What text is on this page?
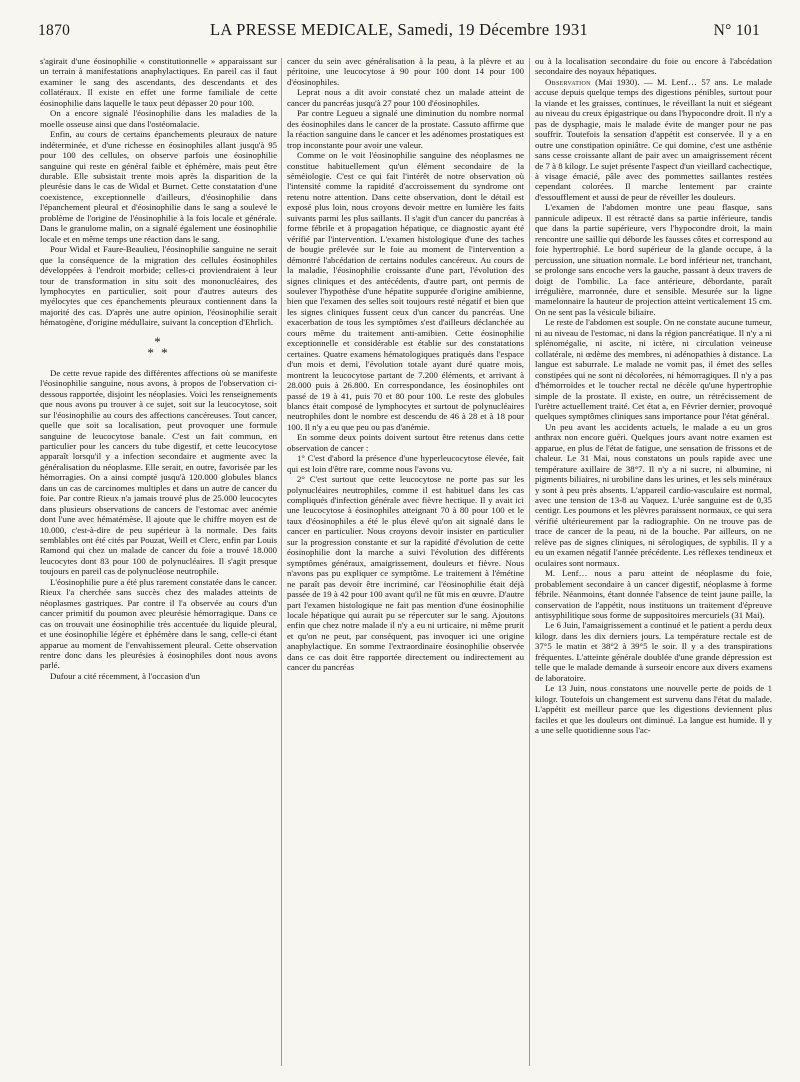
1870	LA PRESSE MEDICALE, Samedi, 19 Décembre 1931	N° 101

s'agirait d'une éosinophilie « constitutionnelle » apparaissant sur un terrain à manifestations anaphylactiques. En pareil cas il faut examiner le sang des ascendants, des descendants et des collatéraux. Il existe en effet une forme familiale de cette éosinophilie dans laquelle le taux peut dépasser 20 pour 100.

On a encore signalé l'éosinophilie dans les maladies de la moelle osseuse ainsi que dans l'ostéomalacie.

Enfin, au cours de certains épanchements pleuraux de nature indéterminée, et d'une richesse en éosinophiles allant jusqu'à 95 pour 100 des cellules, on observe parfois une éosinophilie sanguine qui reste en général faible et éphémère, mais peut être durable. Elle subsistait trente mois après la disparition de la pleurésie dans le cas de Widal et Burnet. Cette constatation d'une coexistence, exceptionnelle d'ailleurs, d'éosinophilie dans l'épanchement pleural et d'éosinophilie dans le sang a soulevé le problème de l'origine de l'éosinophilie à la fois locale et générale. Dans le granulome malin, on a signalé également une éosinophilie locale et en même temps une réaction dans le sang.

Pour Widal et Faure-Beaulieu, l'éosinophilie sanguine ne serait que la conséquence de la migration des cellules éosinophiles développées à l'endroit morbide; celles-ci proviendraient à leur tour de transformation in situ soit des mononucléaires, des lymphocytes en particulier, soit pour d'autres auteurs des myélocytes que ces épanchements pleuraux contiennent dans la majorité des cas. D'après une autre opinion, l'éosinophilie serait hématogène, d'origine médullaire, suivant la conception d'Ehrlich.

*
* *

De cette revue rapide des différentes affections où se manifeste l'éosinophilie sanguine, nous avons, à propos de l'observation ci-dessous rapportée, disjoint les néoplasies. Voici les renseignements que nous avons pu trouver à ce sujet, soit sur la leucocytose, soit sur l'éosinophilie au cours des affections cancéreuses. Tout cancer, quelle que soit sa localisation, peut provoquer une formule sanguine de leucocytose banale. C'est un fait commun, en particulier pour les cancers du tube digestif, et cette leucocytose apparaît lorsqu'il y a infection secondaire et augmente avec la généralisation du néoplasme. Elle serait, en outre, favorisée par les hémorragies. On a ainsi compté jusqu'à 120.000 globules blancs dans un cas de carcinomes multiples et dans un autre de cancer du foie. Par contre Rieux n'a jamais trouvé plus de 25.000 leucocytes dans plusieurs observations de cancers de l'estomac avec anémie dont l'une avec hématémèse. Il ajoute que le chiffre moyen est de 10.000, c'est-à-dire de peu supérieur à la normale. Des faits semblables ont été cités par Pouzat, Weill et Clerc, enfin par Louis Ramond qui chez un malade de cancer du foie a trouvé 18.000 leucocytes dont 83 pour 100 de polynucléaires. Il s'agit presque toujours en pareil cas de polynucléose neutrophile.

L'éosinophilie pure a été plus rarement constatée dans le cancer. Rieux l'a cherchée sans succès chez des malades atteints de néoplasmes gastriques. Par contre il l'a observée au cours d'un cancer primitif du poumon avec pleurésie hémorragique. Dans ce cas on trouvait une éosinophilie très accentuée du liquide pleural, et une éosinophilie légère et éphémère dans le sang, celle-ci étant apparue au moment de l'envahissement pleural. Cette observation rentre donc dans les pleurésies à éosinophiles dont nous avons parlé.

Dufour a cité récemment, à l'occasion d'un

cancer du sein avec généralisation à la peau, à la plèvre et au péritoine, une leucocytose à 90 pour 100 dont 14 pour 100 d'éosinophiles.

Leprat nous a dit avoir constaté chez un malade atteint de cancer du pancréas jusqu'à 27 pour 100 d'éosinophiles.

Par contre Legueu a signalé une diminution du nombre normal des éosinophiles dans le cancer de la prostate. Cassuto affirme que la réaction sanguine dans le cancer et les adénomes prostatiques est trop inconstante pour avoir une valeur.

Comme on le voit l'éosinophilie sanguine des néoplasmes ne constitue habituellement qu'un élément secondaire de la séméiologie. C'est ce qui fait l'intérêt de notre observation où l'intensité comme la rapidité d'accroissement du syndrome ont retenu notre attention. Dans cette observation, dont le détail est exposé plus loin, nous croyons devoir mettre en lumière les faits suivants parmi les plus saillants. Il s'agit d'un cancer du pancréas à forme fébrile et à propagation hépatique, ce diagnostic ayant été vérifié par l'intervention. L'examen histologique d'une des taches de bougie prélevée sur le foie au moment de l'intervention a démontré l'abcédation de certains nodules cancéreux. Au cours de la maladie, l'éosinophilie croissante d'une part, l'évolution des signes cliniques et des antécédents, d'autre part, ont permis de soulever l'hypothèse d'une hépatite suppurée d'origine amibienne, bien que l'examen des selles soit toujours resté négatif et bien que les signes cliniques fussent ceux d'un cancer du pancréas. Une exacerbation de tous les symptômes s'est d'ailleurs déclanchée au cours même du traitement anti-amibien. Cette éosinophilie exceptionnelle et considérable est établie sur des constatations certaines. Quatre examens hématologiques pratiqués dans l'espace d'un mois et demi, l'évolution totale ayant duré quatre mois, montrent la leucocytose partant de 7.200 éléments, et arrivant à 28.000 puis à 26.800. En correspondance, les éosinophiles ont passé de 19 à 41, puis 70 et 80 pour 100. Le reste des globules blancs était composé de lymphocytes et surtout de polynucléaires neutrophiles dont le nombre est descendu de 46 à 28 et à 18 pour 100. Il n'y a eu que peu ou pas d'anémie.

En somme deux points doivent surtout être retenus dans cette observation de cancer :

1° C'est d'abord la présence d'une hyperleucocytose élevée, fait qui est loin d'être rare, comme nous l'avons vu.

2° C'est surtout que cette leucocytose ne porte pas sur les polynucléaires neutrophiles, comme il est habituel dans les cas compliqués d'infection générale avec fièvre hectique. Il y avait ici une leucocytose à éosinophiles atteignant 70 à 80 pour 100 et le taux d'éosinophiles a été le plus élevé qu'on ait signalé dans le cancer en particulier. Nous croyons devoir insister en particulier sur la progression constante et sur la rapidité d'évolution de cette éosinophilie dont la marche a suivi l'évolution des différents symptômes généraux, amaigrissement, douleurs et fièvre. Nous n'avons pas pu expliquer ce symptôme. Le traitement à l'émétine ne paraît pas devoir être incriminé, car l'éosinophilie était déjà passée de 19 à 42 pour 100 avant qu'il ne fût mis en œuvre. D'autre part l'examen histologique ne fait pas mention d'une éosinophilie locale hépatique qui aurait pu se répercuter sur le sang. Ajoutons enfin que chez notre malade il n'y a eu ni urticaire, ni même prurit et qu'on ne peut, par conséquent, pas invoquer ici une origine anaphylactique. En somme l'extraordinaire éosinophilie observée dans ce cas doit être rapportée directement ou indirectement au cancer du pancréas

ou à la localisation secondaire du foie ou encore à l'abcédation secondaire des noyaux hépatiques.

Observation (Mai 1930). — M. Lenf… 57 ans. Le malade accuse depuis quelque temps des digestions pénibles, surtout pour la viande et les graisses, continues, le réveillant la nuit et siégeant au niveau du creux épigastrique ou dans l'hypocondre droit. Il n'y a pas de dysphagie, mais le malade évite de manger pour ne pas souffrir. Toutefois la sensation d'appétit est conservée. Il y a en outre une constipation opiniâtre. Ce qui domine, c'est une asthénie sans cesse croissante allant de pair avec un amaigrissement récent de 7 à 8 kilogr. Le sujet présente l'aspect d'un vieillard cachectique, à visage émacié, pâle avec des pommettes saillantes restées cependant colorées. Il marche lentement par crainte d'essoufflement et aussi de peur de réveiller les douleurs.

L'examen de l'abdomen montre une peau flasque, sans pannicule adipeux. Il est rétracté dans sa partie inférieure, tandis que dans la partie supérieure, vers l'hypocondre droit, la main rencontre une saillie qui déborde les fausses côtes et correspond au foie hypertrophié. Le bord supérieur de la glande occupe, à la percussion, une situation normale. Le bord inférieur net, tranchant, se prolonge sans encoche vers la gauche, passant à deux travers de doigt de l'ombilic. La face antérieure, débordante, paraît irrégulière, marronnée, dure et sensible. Mesurée sur la ligne mamelonnaire la hauteur de projection atteint verticalement 15 cm. On ne sent pas la vésicule biliaire.

Le reste de l'abdomen est souple. On ne constate aucune tumeur, ni au niveau de l'estomac, ni dans la région pancréatique. Il n'y a ni splénomégalie, ni ascite, ni ictère, ni circulation veineuse collatérale, ni œdème des membres, ni adénopathies à distance. La langue est saburrale. Le malade ne vomit pas, il émet des selles constipées qui ne sont ni décolorées, ni hémorragiques. Il n'y a pas d'hémorroïdes et le toucher rectal ne décèle qu'une hypertrophie simple de la prostate. Il existe, en outre, un rétrécissement de l'urètre actuellement traité. Cet état a, en Février dernier, provoqué quelques symptômes cliniques sans importance pour l'état général.

Un peu avant les accidents actuels, le malade a eu un gros anthrax non encore guéri. Quelques jours avant notre examen est apparue, en plus de l'état de fatigue, une sensation de frissons et de chaleur. Le 31 Mai, nous constatons un pouls rapide avec une température axillaire de 38°7. Il n'y a ni sucre, ni albumine, ni pigments biliaires, ni urobiline dans les urines, et les sels minéraux y sont à peu près absents. L'appareil cardio-vasculaire est normal, avec une tension de 13-8 au Vaquez. L'urée sanguine est de 0,35 centigr. Les poumons et les plèvres paraissent normaux, ce qui sera vérifié ultérieurement par la radiographie. On ne trouve pas de trace de cancer de la peau, ni de la bouche. Par ailleurs, on ne relève pas de signes cliniques, ni sérologiques, de syphilis. Il y a eu un examen négatif l'année précédente. Les réflexes tendineux et oculaires sont normaux.

M. Lenf… nous a paru atteint de néoplasme du foie, probablement secondaire à un cancer digestif, néoplasme à forme fébrile. Néanmoins, étant donnée l'absence de teint jaune paille, la conservation de l'appétit, nous instituons un traitement d'épreuve antisyphilitique sous forme de suppositoires mercuriels (31 Mai).

Le 6 Juin, l'amaigrissement a continué et le patient a perdu deux kilogr. dans les dix derniers jours. La température rectale est de 37°5 le matin et 38°2 à 39°5 le soir. Il y a des transpirations fréquentes. L'atteinte générale doublée d'une grande dépression est telle que le malade demande à surseoir encore aux divers examens de laboratoire.

Le 13 Juin, nous constatons une nouvelle perte de poids de 1 kilogr. Toutefois un changement est survenu dans l'état du malade. L'appétit est meilleur parce que les digestions deviennent plus faciles et que les douleurs ont diminué. La langue est humide. Il y a une selle quotidienne sous l'ac-
